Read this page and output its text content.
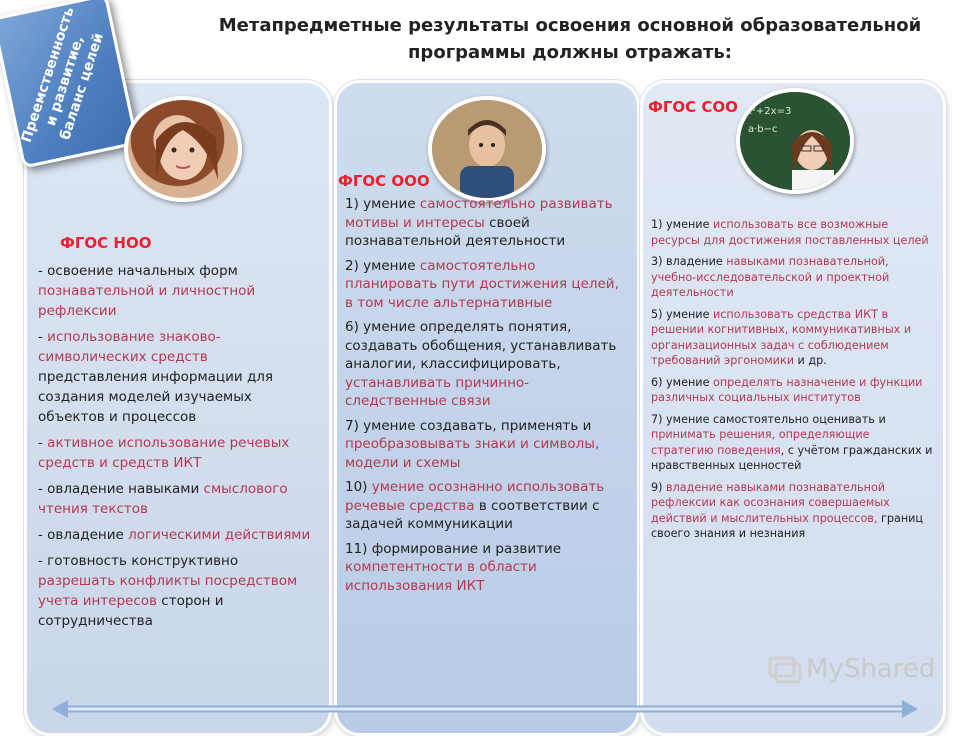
Метапредметные результаты освоения основной образовательной
программы должны отражать:
Преемственность и развитие, баланс целей	x²+2x=3
a·b−c
ФГОС НОО
ФГОС ООО
ФГОС СОО

- освоение начальных форм познавательной и личностной рефлексии

- использование знаково-символических средств представления информации для создания моделей изучаемых объектов и процессов

- активное использование речевых средств и средств ИКТ

- овладение навыками смыслового чтения текстов

- овладение логическими действиями

- готовность конструктивно разрешать конфликты посредством учета интересов сторон и сотрудничества

1) умение самостоятельно развивать мотивы и интересы своей познавательной деятельности

2) умение самостоятельно планировать пути достижения целей, в том числе альтернативные

6) умение определять понятия, создавать обобщения, устанавливать аналогии, классифицировать, устанавливать причинно-следственные связи

7) умение создавать, применять и преобразовывать знаки и символы, модели и схемы

10) умение осознанно использовать речевые средства в соответствии с задачей коммуникации

11) формирование и развитие компетентности в области использования ИКТ

1) умение использовать все возможные ресурсы для достижения поставленных целей

3) владение навыками познавательной, учебно-исследовательской и проектной деятельности

5) умение использовать средства ИКТ в решении когнитивных, коммуникативных и организационных задач с соблюдением требований эргономики и др.

6) умение определять назначение и функции различных социальных институтов

7) умение самостоятельно оценивать и принимать решения, определяющие стратегию поведения, с учётом гражданских и нравственных ценностей

9) владение навыками познавательной рефлексии как осознания совершаемых действий и мыслительных процессов, границ своего знания и незнания

MyShared
